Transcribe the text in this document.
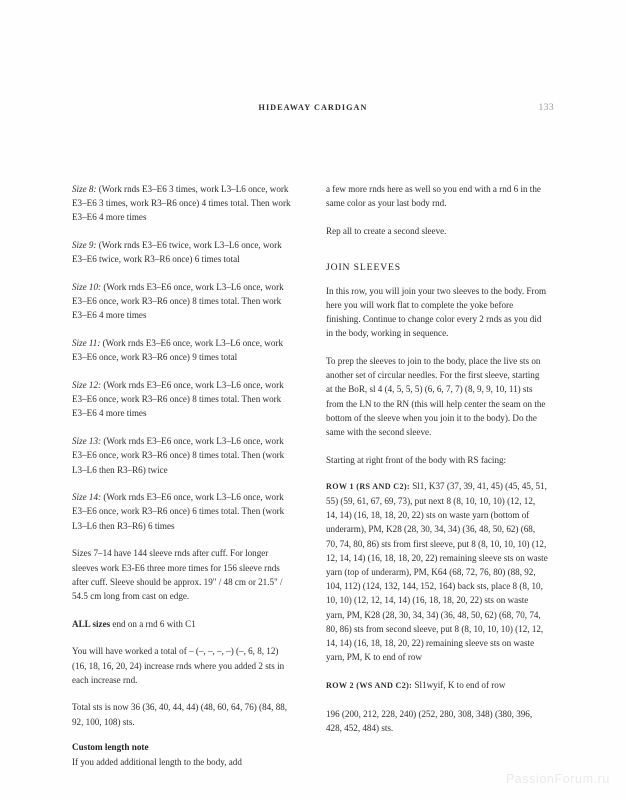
HIDEAWAY CARDIGAN	133

Size 8: (Work rnds E3–E6 3 times, work L3–L6 once, work E3–E6 3 times, work R3–R6 once) 4 times total. Then work E3–E6 4 more times

Size 9: (Work rnds E3–E6 twice, work L3–L6 once, work E3–E6 twice, work R3–R6 once) 6 times total

Size 10: (Work rnds E3–E6 once, work L3–L6 once, work E3–E6 once, work R3–R6 once) 8 times total. Then work E3–E6 4 more times

Size 11: (Work rnds E3–E6 once, work L3–L6 once, work E3–E6 once, work R3–R6 once) 9 times total

Size 12: (Work rnds E3–E6 once, work L3–L6 once, work E3–E6 once, work R3–R6 once) 8 times total. Then work E3–E6 4 more times

Size 13: (Work rnds E3–E6 once, work L3–L6 once, work E3–E6 once, work R3–R6 once) 8 times total. Then (work L3–L6 then R3–R6) twice

Size 14: (Work rnds E3–E6 once, work L3–L6 once, work E3–E6 once, work R3–R6 once) 6 times total. Then (work L3–L6 then R3–R6) 6 times

Sizes 7–14 have 144 sleeve rnds after cuff. For longer sleeves work E3-E6 three more times for 156 sleeve rnds after cuff. Sleeve should be approx. 19" / 48 cm or 21.5" / 54.5 cm long from cast on edge.

ALL sizes end on a rnd 6 with C1

You will have worked a total of – (–, –, –, –) (–, 6, 8, 12) (16, 18, 16, 20, 24) increase rnds where you added 2 sts in each increase rnd.

Total sts is now 36 (36, 40, 44, 44) (48, 60, 64, 76) (84, 88, 92, 100, 108) sts.

Custom length note

If you added additional length to the body, add

a few more rnds here as well so you end with a rnd 6 in the same color as your last body rnd.

Rep all to create a second sleeve.

JOIN SLEEVES

In this row, you will join your two sleeves to the body. From here you will work flat to complete the yoke before finishing. Continue to change color every 2 rnds as you did in the body, working in sequence.

To prep the sleeves to join to the body, place the live sts on another set of circular needles. For the first sleeve, starting at the BoR, sl 4 (4, 5, 5, 5) (6, 6, 7, 7) (8, 9, 9, 10, 11) sts from the LN to the RN (this will help center the seam on the bottom of the sleeve when you join it to the body). Do the same with the second sleeve.

Starting at right front of the body with RS facing:

ROW 1 (RS AND C2): Sl1, K37 (37, 39, 41, 45) (45, 45, 51, 55) (59, 61, 67, 69, 73), put next 8 (8, 10, 10, 10) (12, 12, 14, 14) (16, 18, 18, 20, 22) sts on waste yarn (bottom of underarm), PM, K28 (28, 30, 34, 34) (36, 48, 50, 62) (68, 70, 74, 80, 86) sts from first sleeve, put 8 (8, 10, 10, 10) (12, 12, 14, 14) (16, 18, 18, 20, 22) remaining sleeve sts on waste yarn (top of underarm), PM, K64 (68, 72, 76, 80) (88, 92, 104, 112) (124, 132, 144, 152, 164) back sts, place 8 (8, 10, 10, 10) (12, 12, 14, 14) (16, 18, 18, 20, 22) sts on waste yarn, PM, K28 (28, 30, 34, 34) (36, 48, 50, 62) (68, 70, 74, 80, 86) sts from second sleeve, put 8 (8, 10, 10, 10) (12, 12, 14, 14) (16, 18, 18, 20, 22) remaining sleeve sts on waste yarn, PM, K to end of row

ROW 2 (WS AND C2): Sl1wyif, K to end of row

196 (200, 212, 228, 240) (252, 280, 308, 348) (380, 396, 428, 452, 484) sts.

PassionForum.ru
